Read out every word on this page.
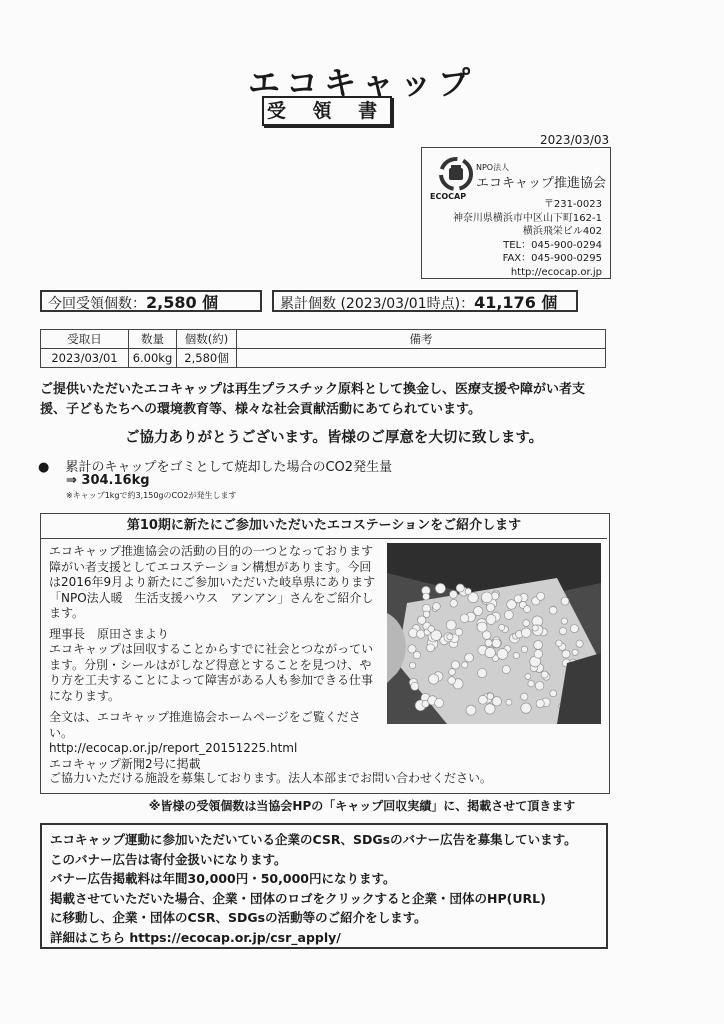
エコキャップ
受 領 書
2023/03/03
ECOCAP
NPO法人
エコキャップ推進協会
〒231-0023
神奈川県横浜市中区山下町162-1
横浜飛栄ビル402
TEL：045-900-0294
FAX：045-900-0295
http://ecocap.or.jp
今回受領個数：2,580 個	累計個数 (2023/03/01時点)：41,176 個
受取日	数量	個数(約)	備考
2023/03/01	6.00kg	2,580個	
ご提供いただいたエコキャップは再生プラスチック原料として換金し、医療支援や障がい者支
援、子どもたちへの環境教育等、様々な社会貢献活動にあてられています。
ご協力ありがとうございます。皆様のご厚意を大切に致します。
● 累計のキャップをゴミとして焼却した場合のCO2発生量
⇒ 304.16kg
※キャップ1kgで約3,150gのCO2が発生します
第10期に新たにご参加いただいたエコステーションをご紹介します
エコキャップ推進協会の活動の目的の一つとなっております
障がい者支援としてエコステーション構想があります。今回
は2016年9月より新たにご参加いただいた岐阜県にあります
「NPO法人暖　生活支援ハウス　アンアン」さんをご紹介し
ます。
理事長　原田さまより
エコキャップは回収することからすでに社会とつながってい
ます。分別・シールはがしなど得意とすることを見つけ、や
り方を工夫することによって障害がある人も参加できる仕事
になります。
全文は、エコキャップ推進協会ホームページをご覧くださ
い。
http://ecocap.or.jp/report_20151225.html
エコキャップ新聞2号に掲載
ご協力いただける施設を募集しております。法人本部までお問い合わせください。
※皆様の受領個数は当協会HPの「キャップ回収実績」に、掲載させて頂きます
エコキャップ運動に参加いただいている企業のCSR、SDGsのバナー広告を募集しています。
このバナー広告は寄付金扱いになります。
バナー広告掲載料は年間30,000円・50,000円になります。
掲載させていただいた場合、企業・団体のロゴをクリックすると企業・団体のHP(URL)
に移動し、企業・団体のCSR、SDGsの活動等のご紹介をします。
詳細はこちら https://ecocap.or.jp/csr_apply/
